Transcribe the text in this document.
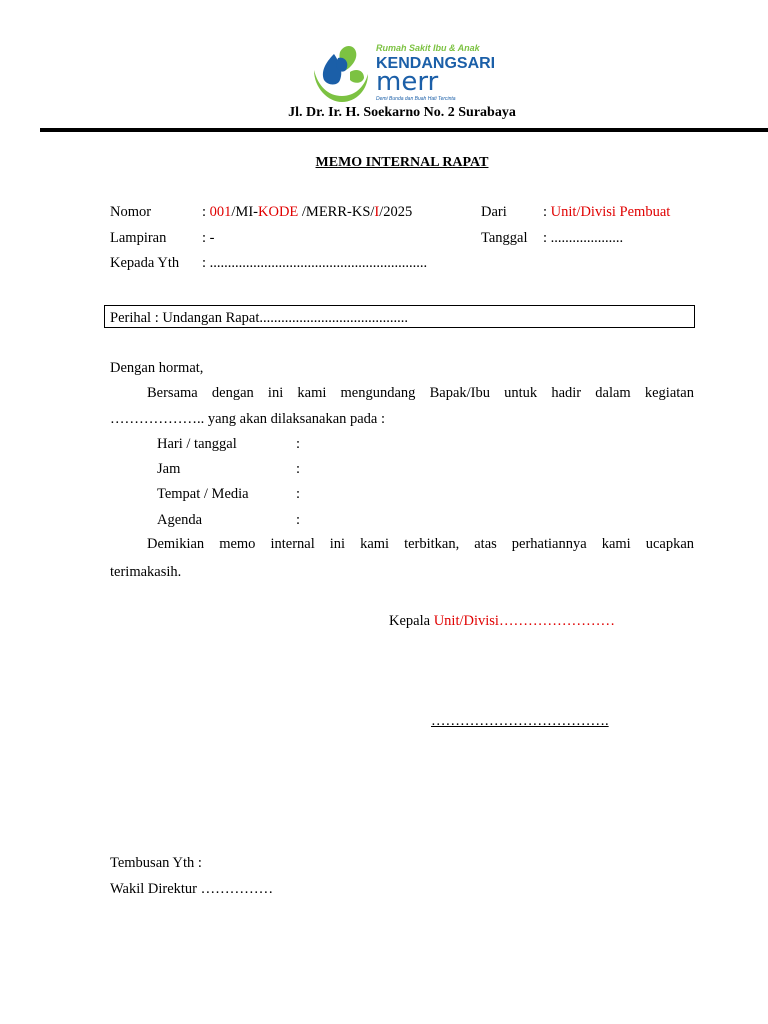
Rumah Sakit Ibu & Anak
KENDANGSARI
merr
Demi Bunda dan Buah Hati Tercinta
Jl. Dr. Ir. H. Soekarno No. 2 Surabaya
MEMO INTERNAL RAPAT
Nomor	: 001/MI-KODE /MERR-KS/I/2025
Lampiran : -
Kepada Yth : ............................................................
Dari : Unit/Divisi Pembuat
Tanggal : ....................
Perihal : Undangan Rapat.........................................
Dengan hormat,
Bersama dengan ini kami mengundang Bapak/Ibu untuk hadir dalam kegiatan
……………….. yang akan dilaksanakan pada :
Hari / tanggal	:
Jam	:
Tempat / Media	:
Agenda	:
Demikian memo internal ini kami terbitkan, atas perhatiannya kami ucapkan
terimakasih.
Kepala Unit/Divisi……………………
……………………………….
Tembusan Yth :
Wakil Direktur ……………
